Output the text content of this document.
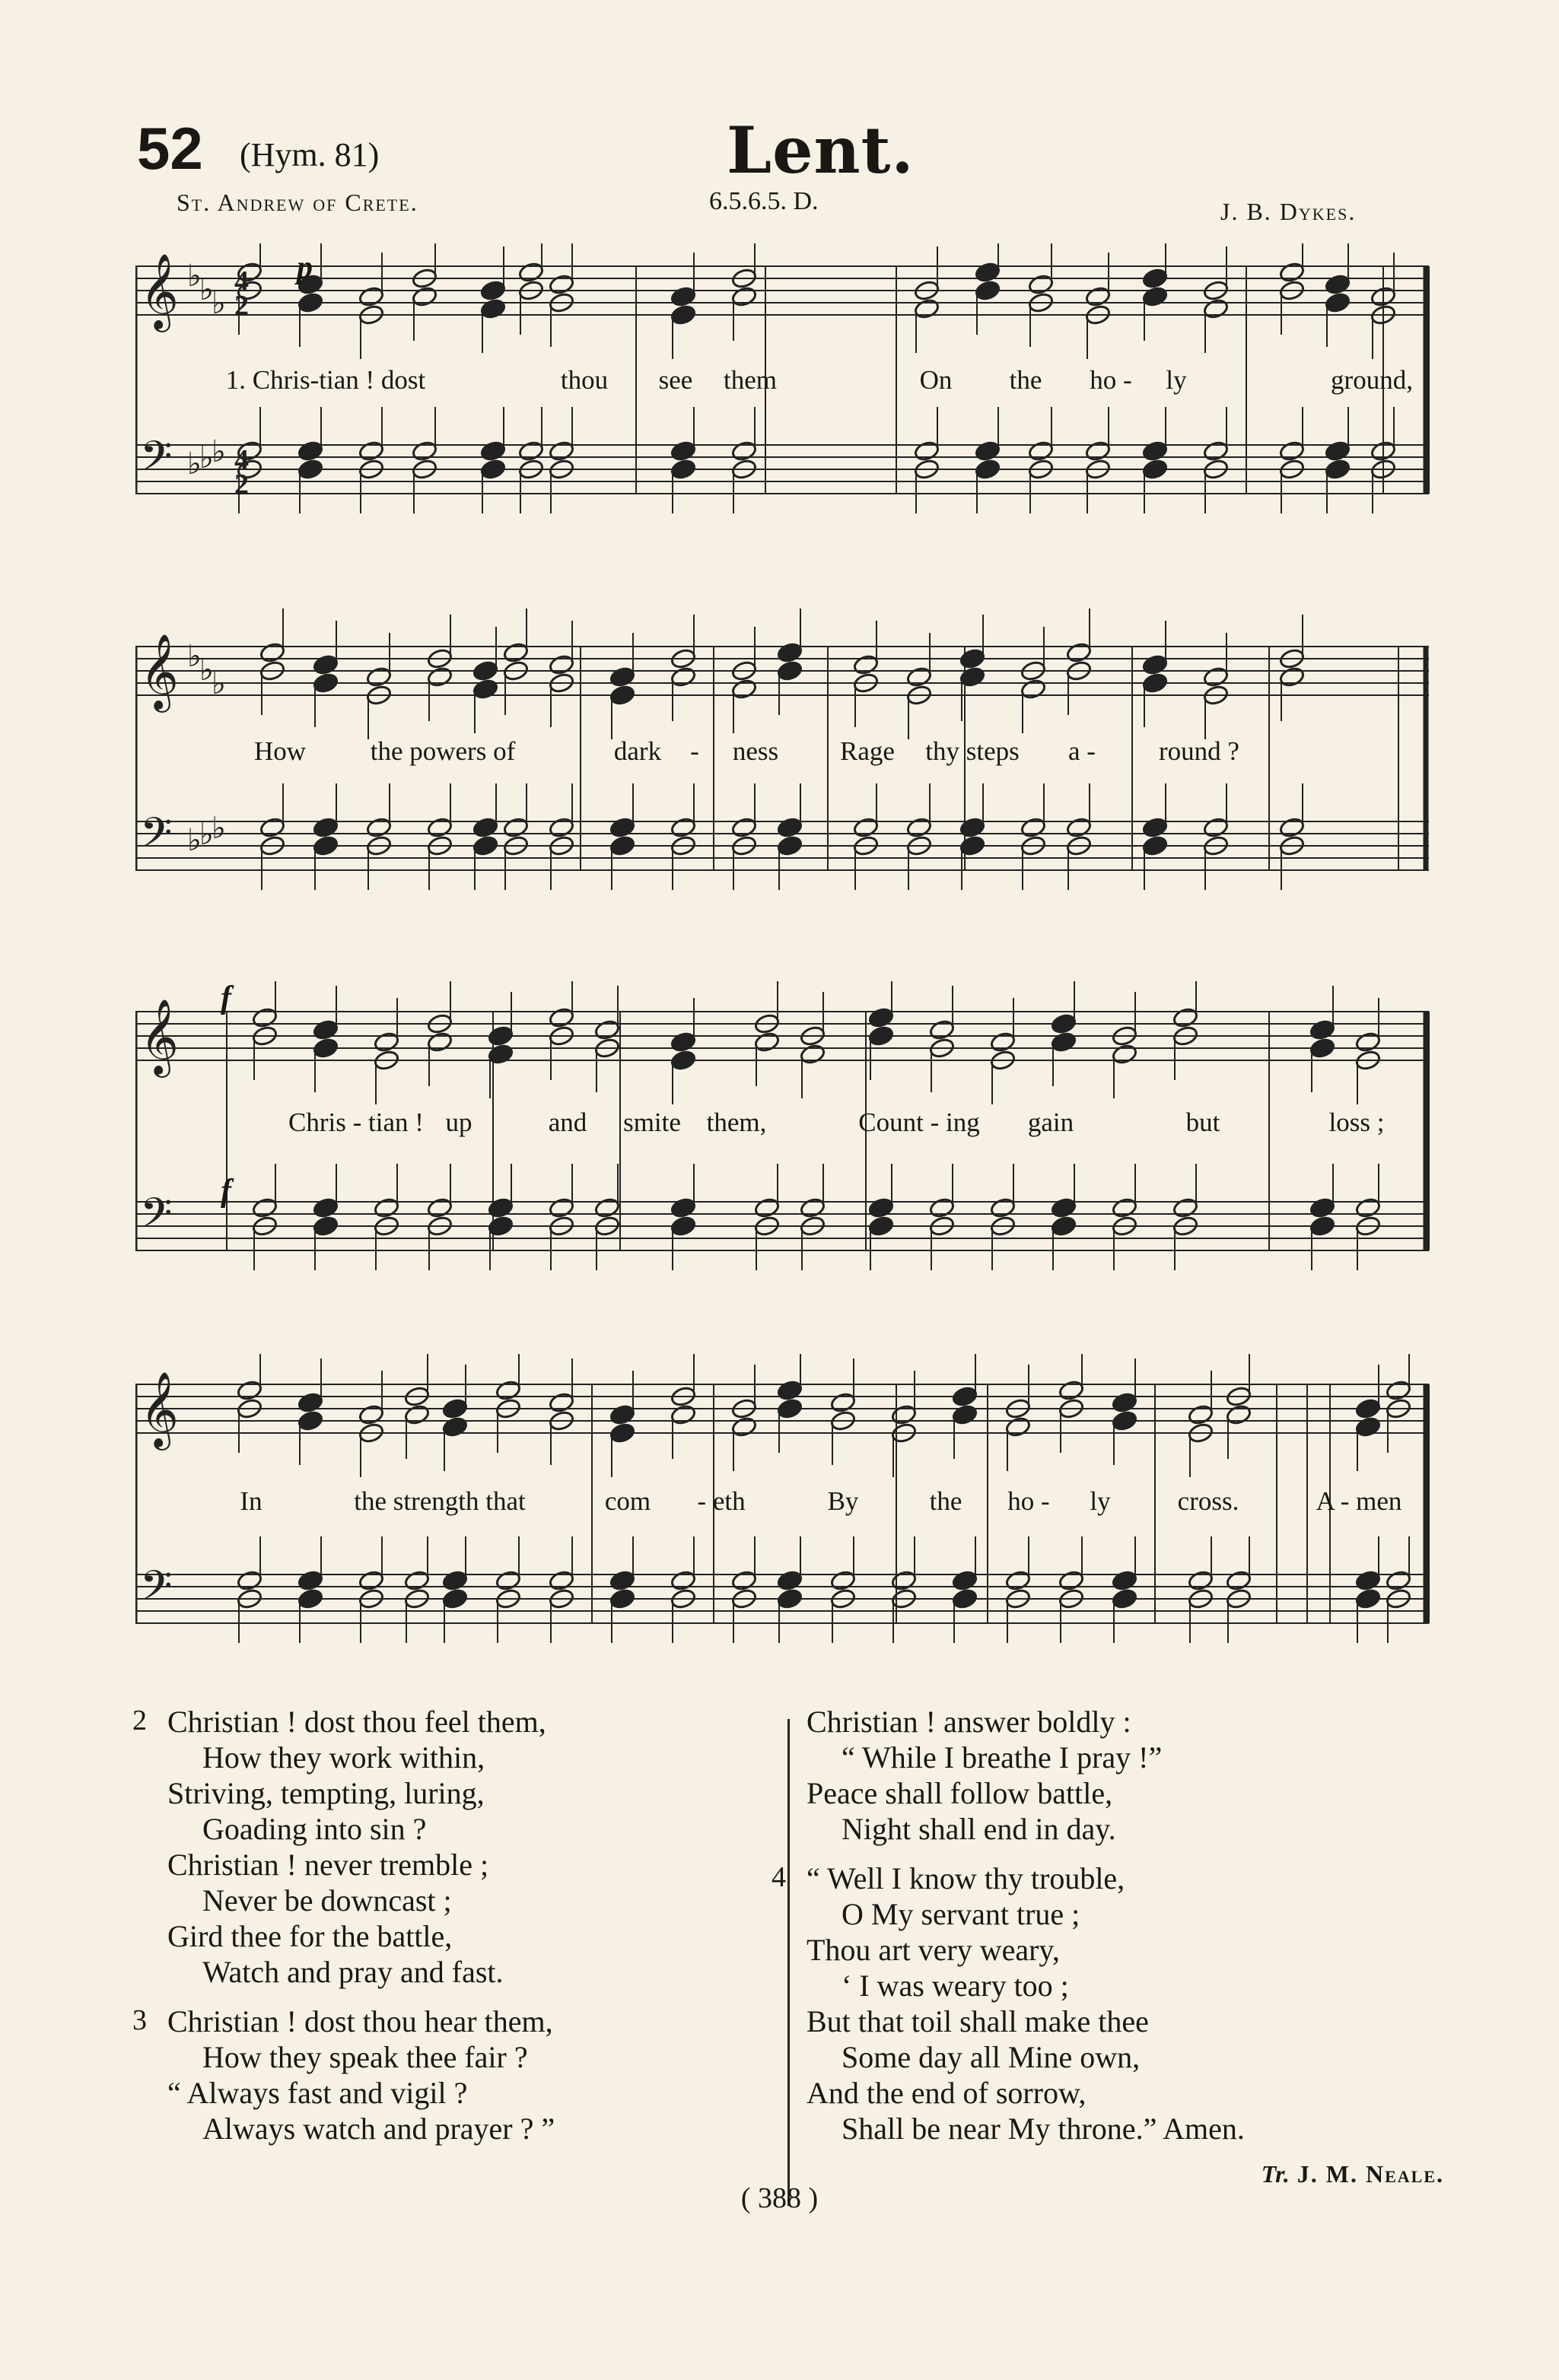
52 (Hym. 81)	Lent.
St. Andrew of Crete.	6.5.6.5. D.	J. B. Dykes.
𝄞 ♭
♭
♭
4
2
𝄢 ♭
♭
♭ 4
2
p
1. Chris-tian ! dost	thou see them	On the ho - ly	ground,
𝄞 ♭
♭
♭
𝄢 ♭
♭
♭
How the powers of	dark - ness Rage thy steps a - round ?
𝄞
𝄢
f
f
Chris - tian ! up	and smite them,	Count - ing gain	but	loss ;
𝄞
𝄢
In	the strength that	com - eth	By	the ho - ly	cross.	A - men
2 Christian ! dost thou feel them,
How they work within,
Striving, tempting, luring,
Goading into sin ?
Christian ! never tremble ;
Never be downcast ;
Gird thee for the battle,
Watch and pray and fast.
3 Christian ! dost thou hear them,
How they speak thee fair ?
“ Always fast and vigil ?
Always watch and prayer ? ”
Christian ! answer boldly :
“ While I breathe I pray !”
Peace shall follow battle,
Night shall end in day.
4 “ Well I know thy trouble,
O My servant true ;
Thou art very weary,
‘ I was weary too ;
But that toil shall make thee
Some day all Mine own,
And the end of sorrow,
Shall be near My throne.” Amen.
Tr. J. M. Neale.
( 388 )
